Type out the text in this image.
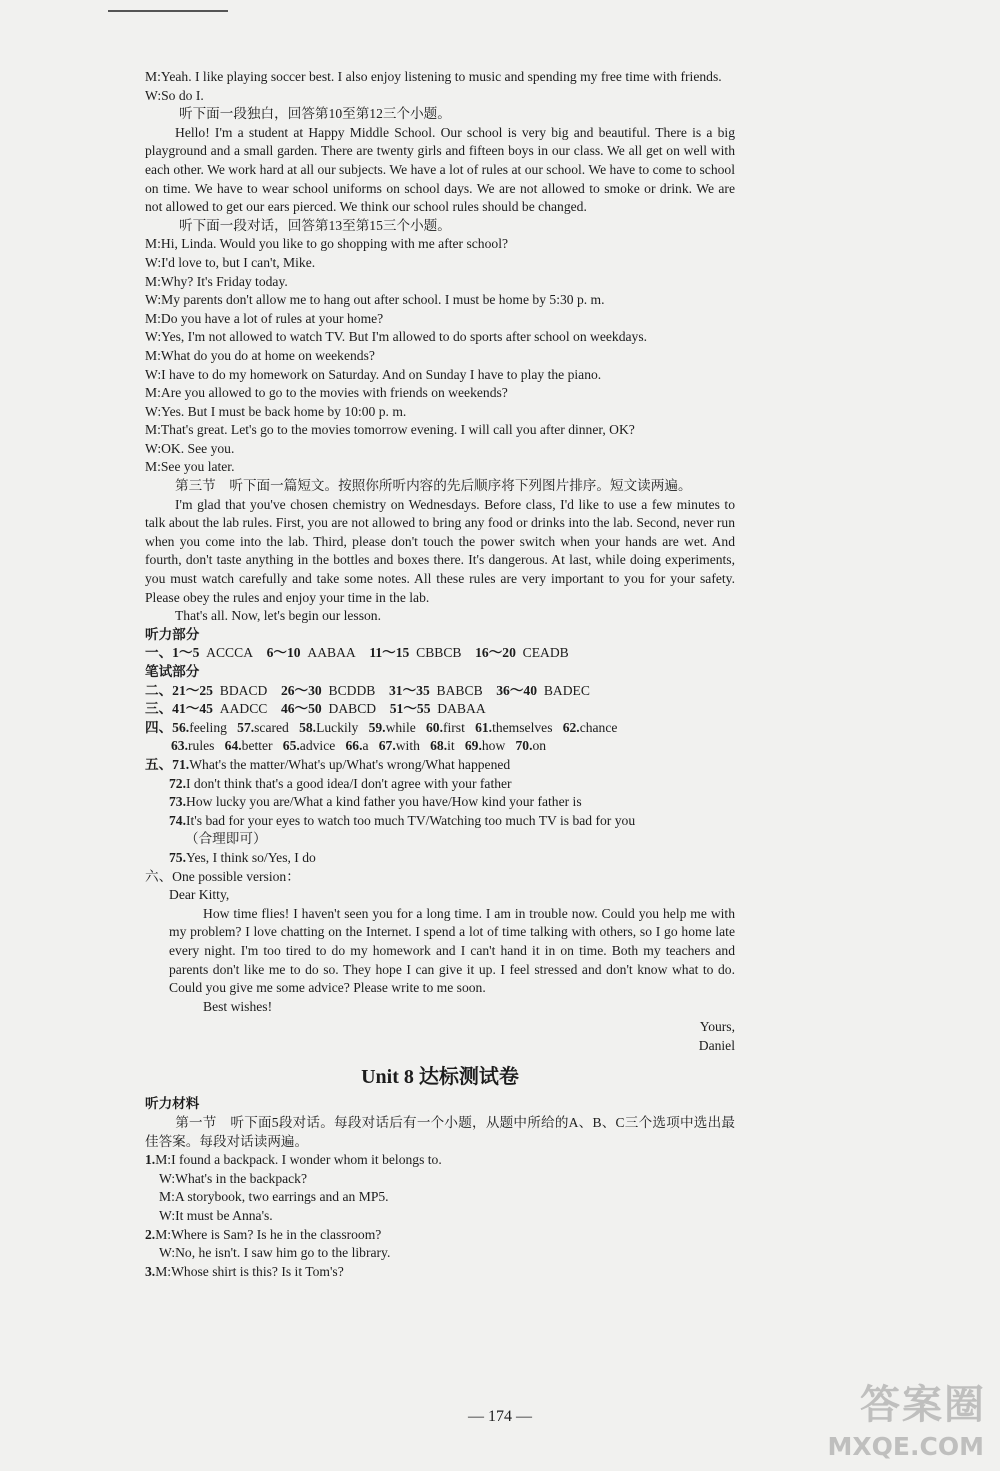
M:Yeah. I like playing soccer best. I also enjoy listening to music and spending my free time with friends.

W:So do I.

听下面一段独白，回答第10至第12三个小题。

Hello! I'm a student at Happy Middle School. Our school is very big and beautiful. There is a big playground and a small garden. There are twenty girls and fifteen boys in our class. We all get on well with each other. We work hard at all our subjects. We have a lot of rules at our school. We have to come to school on time. We have to wear school uniforms on school days. We are not allowed to smoke or drink. We are not allowed to get our ears pierced. We think our school rules should be changed.

听下面一段对话，回答第13至第15三个小题。

M:Hi, Linda. Would you like to go shopping with me after school?

W:I'd love to, but I can't, Mike.

M:Why? It's Friday today.

W:My parents don't allow me to hang out after school. I must be home by 5:30 p. m.

M:Do you have a lot of rules at your home?

W:Yes, I'm not allowed to watch TV. But I'm allowed to do sports after school on weekdays.

M:What do you do at home on weekends?

W:I have to do my homework on Saturday. And on Sunday I have to play the piano.

M:Are you allowed to go to the movies with friends on weekends?

W:Yes. But I must be back home by 10:00 p. m.

M:That's great. Let's go to the movies tomorrow evening. I will call you after dinner, OK?

W:OK. See you.

M:See you later.

第三节　听下面一篇短文。按照你所听内容的先后顺序将下列图片排序。短文读两遍。

I'm glad that you've chosen chemistry on Wednesdays. Before class, I'd like to use a few minutes to talk about the lab rules. First, you are not allowed to bring any food or drinks into the lab. Second, never run when you come into the lab. Third, please don't touch the power switch when your hands are wet. And fourth, don't taste anything in the bottles and boxes there. It's dangerous. At last, while doing experiments, you must watch carefully and take some notes. All these rules are very important to you for your safety. Please obey the rules and enjoy your time in the lab.

That's all. Now, let's begin our lesson.

听力部分

一、1～5 ACCCA 6～10 AABAA 11～15 CBBCB 16～20 CEADB

笔试部分

二、21～25 BDACD 26～30 BCDDB 31～35 BABCB 36～40 BADEC

三、41～45 AADCC 46～50 DABCD 51～55 DABAA

四、56.feeling 57.scared 58.Luckily 59.while 60.first 61.themselves 62.chance

63.rules 64.better 65.advice 66.a 67.with 68.it 69.how 70.on

五、71.What's the matter/What's up/What's wrong/What happened

72.I don't think that's a good idea/I don't agree with your father

73.How lucky you are/What a kind father you have/How kind your father is

74.It's bad for your eyes to watch too much TV/Watching too much TV is bad for you

（合理即可）

75.Yes, I think so/Yes, I do

六、One possible version：

Dear Kitty,

How time flies! I haven't seen you for a long time. I am in trouble now. Could you help me with my problem? I love chatting on the Internet. I spend a lot of time talking with others, so I go home late every night. I'm too tired to do my homework and I can't hand it in on time. Both my teachers and parents don't like me to do so. They hope I can give it up. I feel stressed and don't know what to do. Could you give me some advice? Please write to me soon.

Best wishes!

Yours,

Daniel

Unit 8 达标测试卷

听力材料

第一节　听下面5段对话。每段对话后有一个小题，从题中所给的A、B、C三个选项中选出最佳答案。每段对话读两遍。

1.M:I found a backpack. I wonder whom it belongs to.

W:What's in the backpack?

M:A storybook, two earrings and an MP5.

W:It must be Anna's.

2.M:Where is Sam? Is he in the classroom?

W:No, he isn't. I saw him go to the library.

3.M:Whose shirt is this? Is it Tom's?

— 174 —	答案圈
MXQE.COM
